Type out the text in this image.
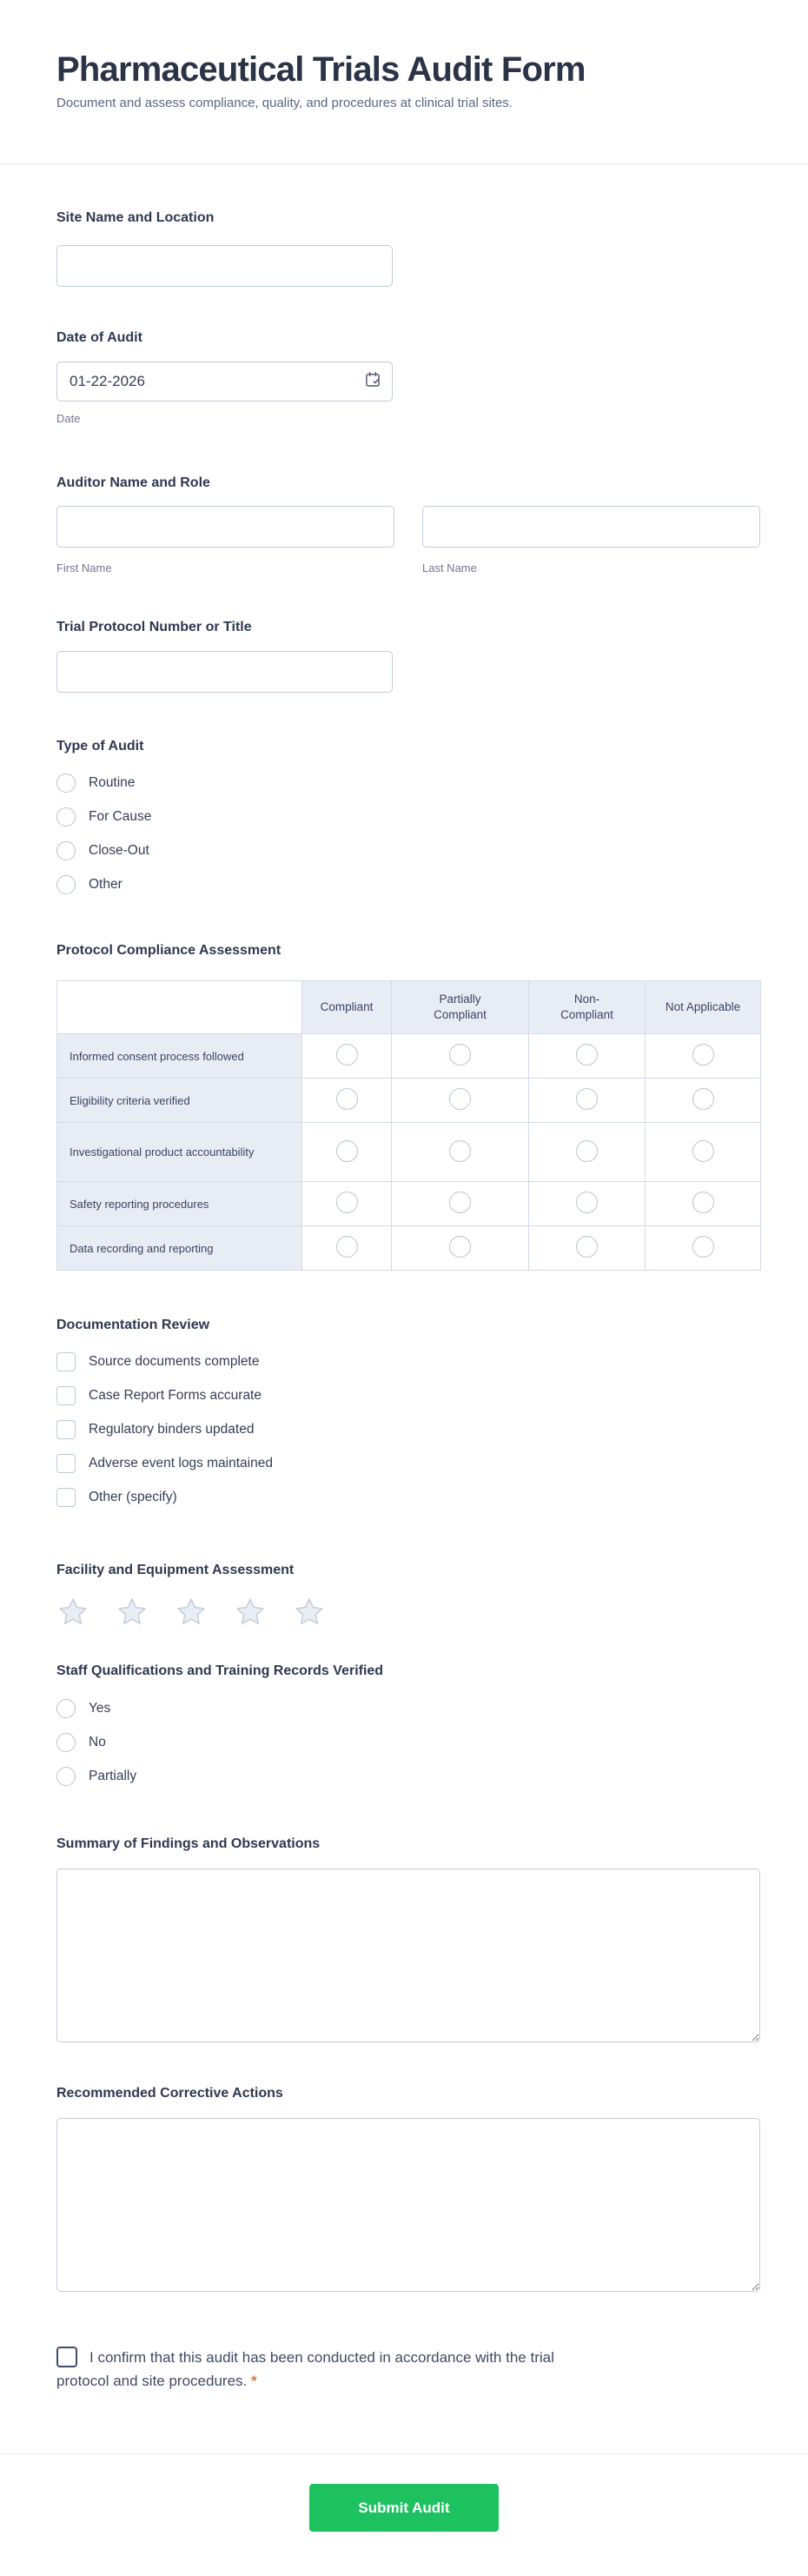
Pharmaceutical Trials Audit Form
Document and assess compliance, quality, and procedures at clinical trial sites.
Site Name and Location
Date of Audit
01-22-2026
Date
Auditor Name and Role
First Name	Last Name
Trial Protocol Number or Title
Type of Audit
Routine
For Cause
Close-Out
Other
Protocol Compliance Assessment
	Compliant	Partially Compliant	Non-Compliant	Not Applicable
Informed consent process followed				
Eligibility criteria verified				
Investigational product accountability				
Safety reporting procedures				
Data recording and reporting				
Documentation Review
Source documents complete
Case Report Forms accurate
Regulatory binders updated
Adverse event logs maintained
Other (specify)
Facility and Equipment Assessment
Staff Qualifications and Training Records Verified
Yes
No
Partially
Summary of Findings and Observations
Recommended Corrective Actions
I confirm that this audit has been conducted in accordance with the trial
protocol and site procedures. *
Submit Audit
